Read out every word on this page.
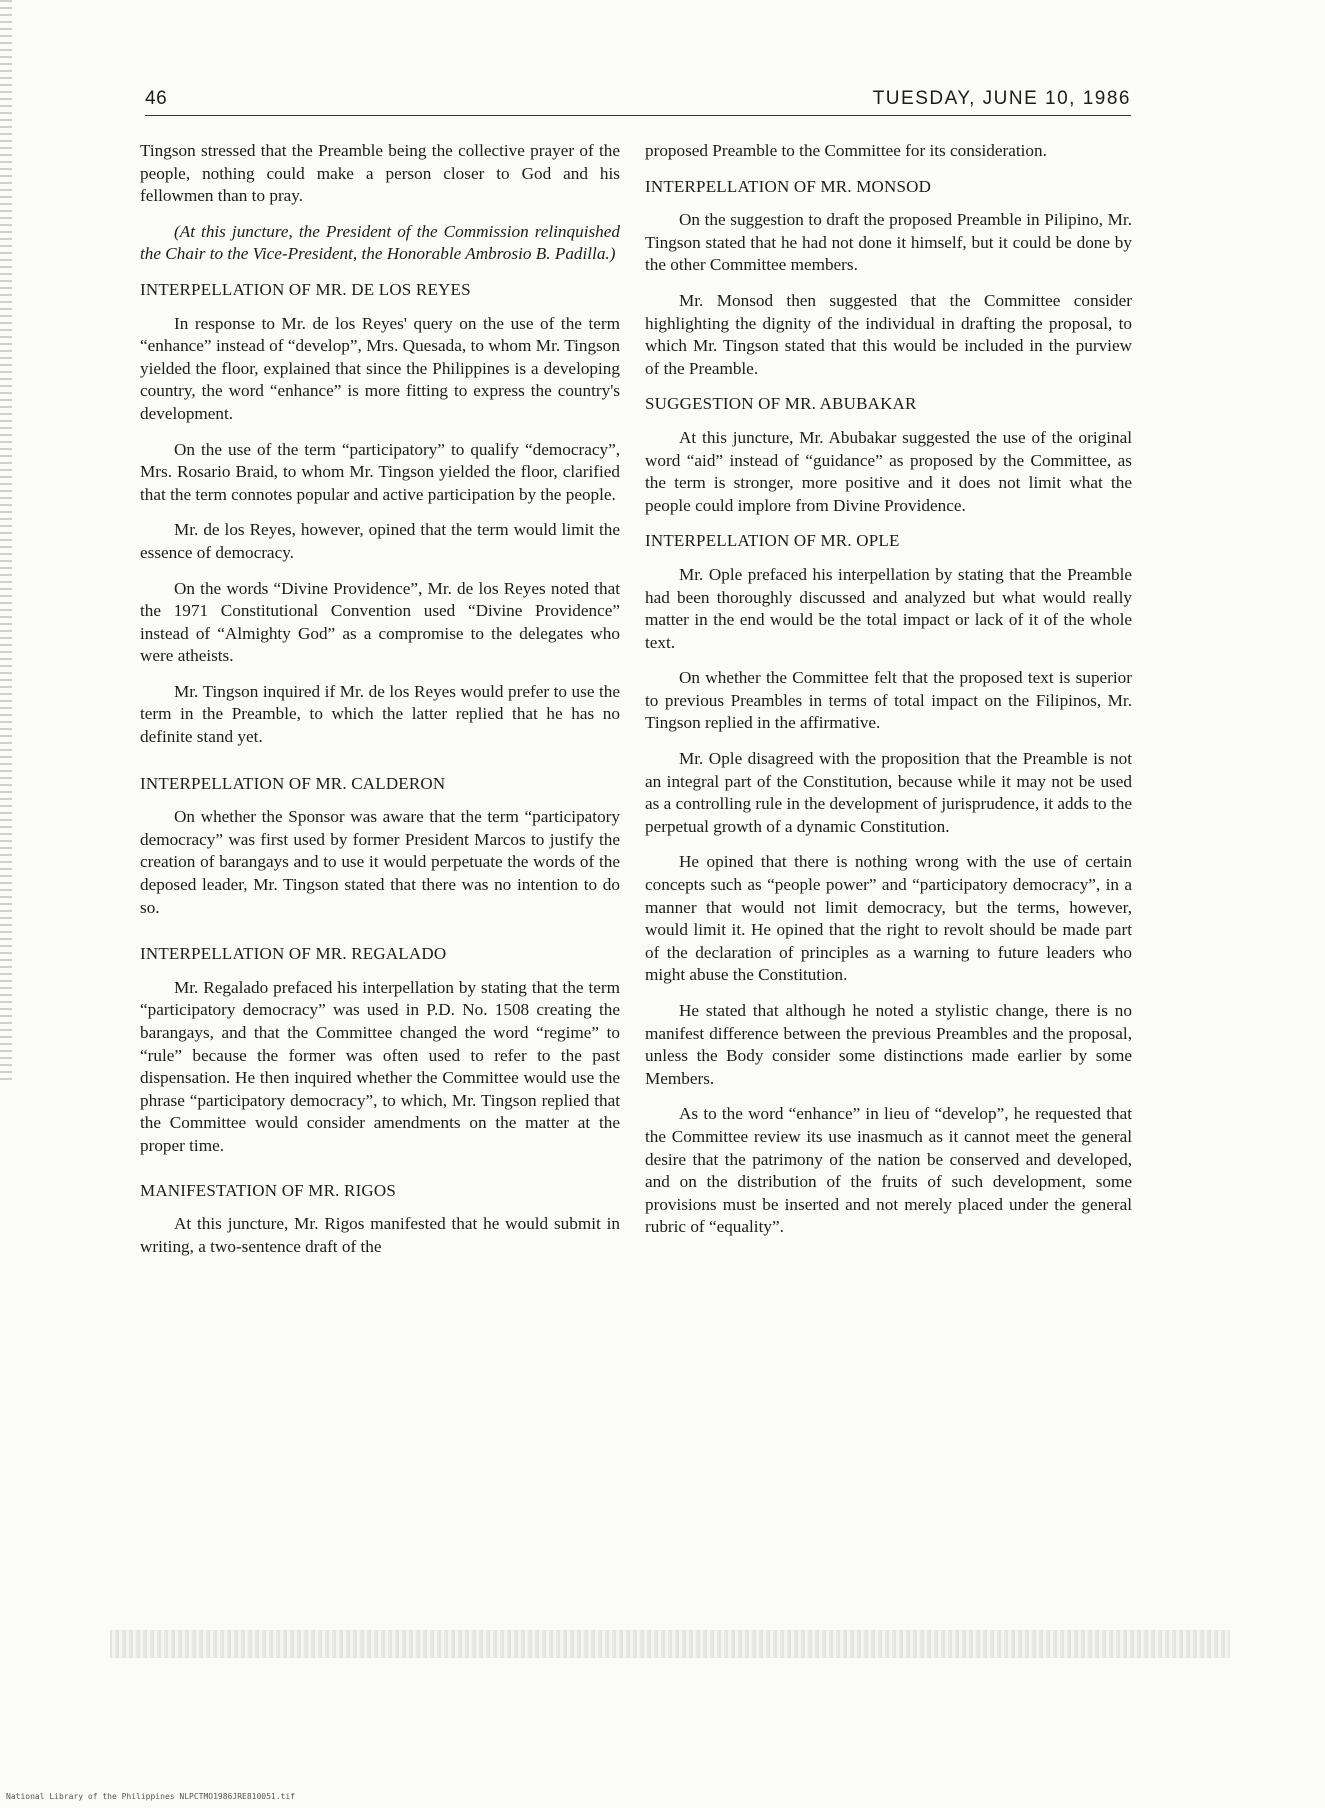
46	TUESDAY, JUNE 10, 1986

Tingson stressed that the Preamble being the collective prayer of the people, nothing could make a person closer to God and his fellowmen than to pray.

(At this juncture, the President of the Commission relinquished the Chair to the Vice-President, the Honorable Ambrosio B. Padilla.)

INTERPELLATION OF MR. DE LOS REYES

In response to Mr. de los Reyes' query on the use of the term “enhance” instead of “develop”, Mrs. Quesada, to whom Mr. Tingson yielded the floor, explained that since the Philippines is a developing country, the word “enhance” is more fitting to express the country's development.

On the use of the term “participatory” to qualify “democracy”, Mrs. Rosario Braid, to whom Mr. Tingson yielded the floor, clarified that the term connotes popular and active participation by the people.

Mr. de los Reyes, however, opined that the term would limit the essence of democracy.

On the words “Divine Providence”, Mr. de los Reyes noted that the 1971 Constitutional Convention used “Divine Providence” instead of “Almighty God” as a compromise to the delegates who were atheists.

Mr. Tingson inquired if Mr. de los Reyes would prefer to use the term in the Preamble, to which the latter replied that he has no definite stand yet.

INTERPELLATION OF MR. CALDERON

On whether the Sponsor was aware that the term “participatory democracy” was first used by former President Marcos to justify the creation of barangays and to use it would perpetuate the words of the deposed leader, Mr. Tingson stated that there was no intention to do so.

INTERPELLATION OF MR. REGALADO

Mr. Regalado prefaced his interpellation by stating that the term “participatory democracy” was used in P.D. No. 1508 creating the barangays, and that the Committee changed the word “regime” to “rule” because the former was often used to refer to the past dispensation. He then inquired whether the Committee would use the phrase “participatory democracy”, to which, Mr. Tingson replied that the Committee would consider amendments on the matter at the proper time.

MANIFESTATION OF MR. RIGOS

At this juncture, Mr. Rigos manifested that he would submit in writing, a two-sentence draft of the

proposed Preamble to the Committee for its consideration.

INTERPELLATION OF MR. MONSOD

On the suggestion to draft the proposed Preamble in Pilipino, Mr. Tingson stated that he had not done it himself, but it could be done by the other Committee members.

Mr. Monsod then suggested that the Committee consider highlighting the dignity of the individual in drafting the proposal, to which Mr. Tingson stated that this would be included in the purview of the Preamble.

SUGGESTION OF MR. ABUBAKAR

At this juncture, Mr. Abubakar suggested the use of the original word “aid” instead of “guidance” as proposed by the Committee, as the term is stronger, more positive and it does not limit what the people could implore from Divine Providence.

INTERPELLATION OF MR. OPLE

Mr. Ople prefaced his interpellation by stating that the Preamble had been thoroughly discussed and analyzed but what would really matter in the end would be the total impact or lack of it of the whole text.

On whether the Committee felt that the proposed text is superior to previous Preambles in terms of total impact on the Filipinos, Mr. Tingson replied in the affirmative.

Mr. Ople disagreed with the proposition that the Preamble is not an integral part of the Constitution, because while it may not be used as a controlling rule in the development of jurisprudence, it adds to the perpetual growth of a dynamic Constitution.

He opined that there is nothing wrong with the use of certain concepts such as “people power” and “participatory democracy”, in a manner that would not limit democracy, but the terms, however, would limit it. He opined that the right to revolt should be made part of the declaration of principles as a warning to future leaders who might abuse the Constitution.

He stated that although he noted a stylistic change, there is no manifest difference between the previous Preambles and the proposal, unless the Body consider some distinctions made earlier by some Members.

As to the word “enhance” in lieu of “develop”, he requested that the Committee review its use inasmuch as it cannot meet the general desire that the patrimony of the nation be conserved and developed, and on the distribution of the fruits of such development, some provisions must be inserted and not merely placed under the general rubric of “equality”.

National Library of the Philippines NLPCTMO1986JRE810051.tif
